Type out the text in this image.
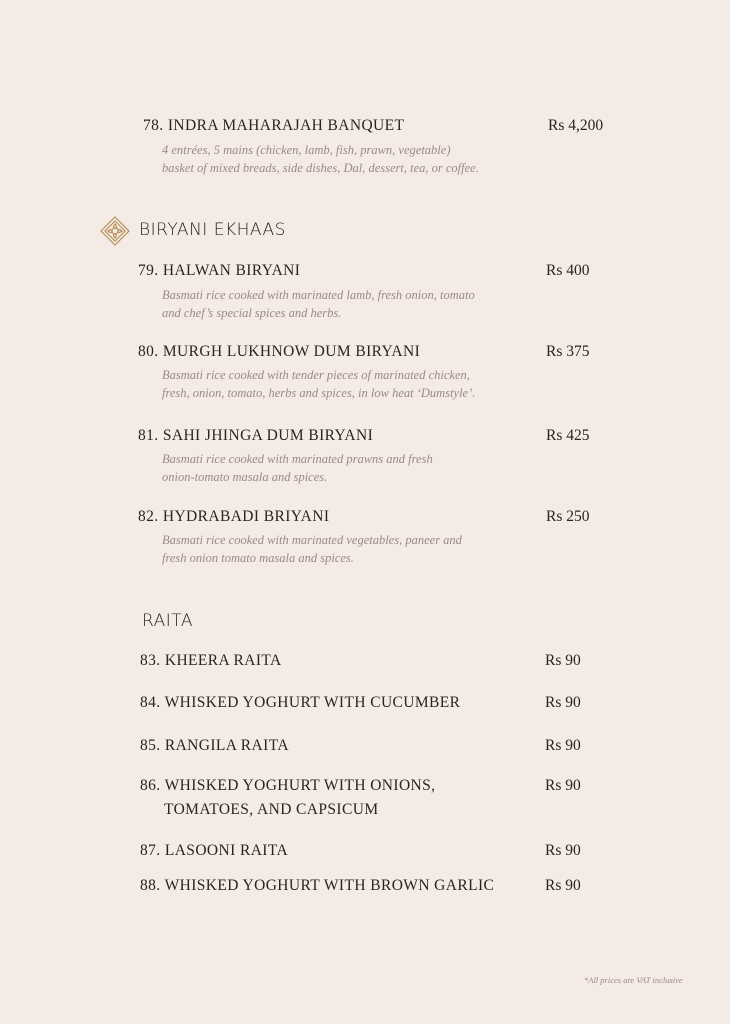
78. INDRA MAHARAJAH BANQUET	Rs 4,200
4 entrées, 5 mains (chicken, lamb, fish, prawn, vegetable)
basket of mixed breads, side dishes, Dal, dessert, tea, or coffee.
BIRYANI EKHAAS
79. HALWAN BIRYANI	Rs 400
Basmati rice cooked with marinated lamb, fresh onion, tomato
and chef’s special spices and herbs.
80. MURGH LUKHNOW DUM BIRYANI	Rs 375
Basmati rice cooked with tender pieces of marinated chicken,
fresh, onion, tomato, herbs and spices, in low heat ‘Dumstyle’.
81. SAHI JHINGA DUM BIRYANI	Rs 425
Basmati rice cooked with marinated prawns and fresh
onion-tomato masala and spices.
82. HYDRABADI BRIYANI	Rs 250
Basmati rice cooked with marinated vegetables, paneer and
fresh onion tomato masala and spices.
RAITA
83. KHEERA RAITA	Rs 90
84. WHISKED YOGHURT WITH CUCUMBER	Rs 90
85. RANGILA RAITA	Rs 90
86. WHISKED YOGHURT WITH ONIONS,
TOMATOES, AND CAPSICUM
Rs 90
87. LASOONI RAITA	Rs 90
88. WHISKED YOGHURT WITH BROWN GARLIC	Rs 90
*All prices are VAT inclusive
